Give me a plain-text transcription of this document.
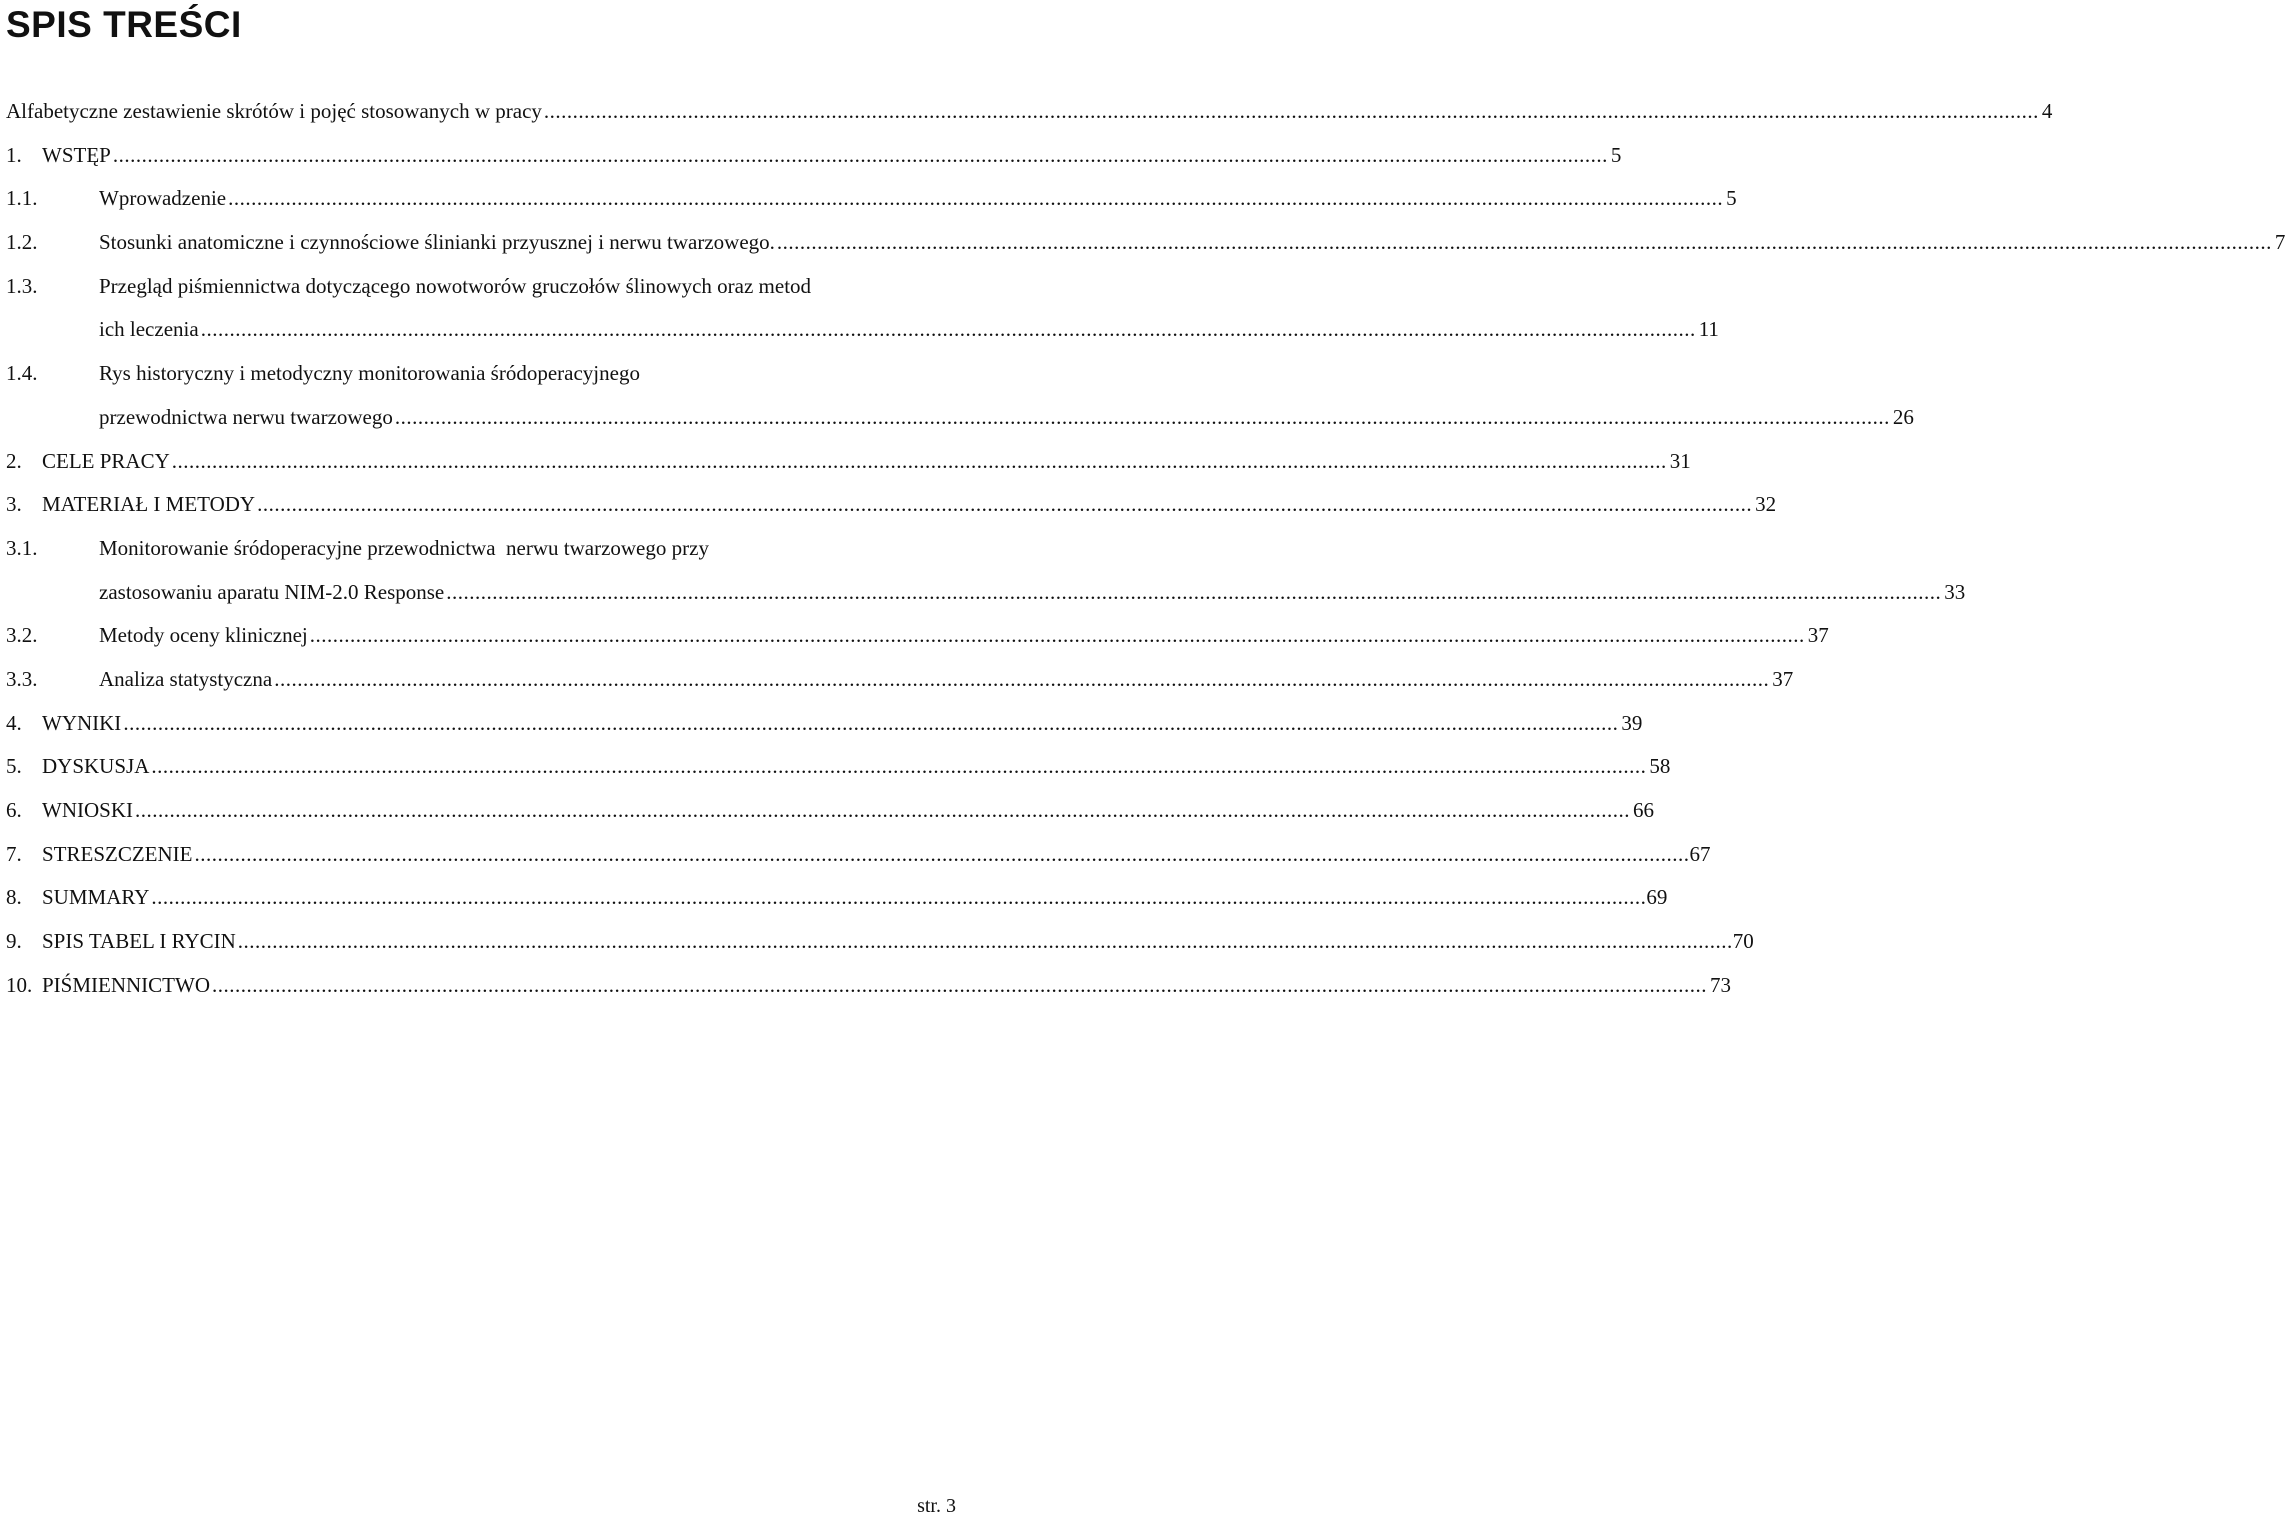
SPIS TREŚCI
Alfabetyczne zestawienie skrótów i pojęć stosowanych w pracy .....	4
1. WSTĘP .....	5
1.1.	Wprowadzenie .....	5
1.2.	Stosunki anatomiczne i czynnościowe ślinianki przyusznej i nerwu twarzowego. .....	7
1.3.	Przegląd piśmiennictwa dotyczącego nowotworów gruczołów ślinowych oraz metod
ich leczenia .....	11
1.4.	Rys historyczny i metodyczny monitorowania śródoperacyjnego
przewodnictwa nerwu twarzowego .....	26
2. CELE PRACY .....	31
3. MATERIAŁ I METODY .....	32
3.1.	Monitorowanie śródoperacyjne przewodnictwa  nerwu twarzowego przy
zastosowaniu aparatu NIM-2.0 Response .....	33
3.2.	Metody oceny klinicznej .....	37
3.3.	Analiza statystyczna .....	37
4. WYNIKI .....	39
5. DYSKUSJA .....	58
6. WNIOSKI .....	66
7. STRESZCZENIE .....	67
8. SUMMARY .....	69
9. SPIS TABEL I RYCIN .....	70
10. PIŚMIENNICTWO .....	73
str. 3
